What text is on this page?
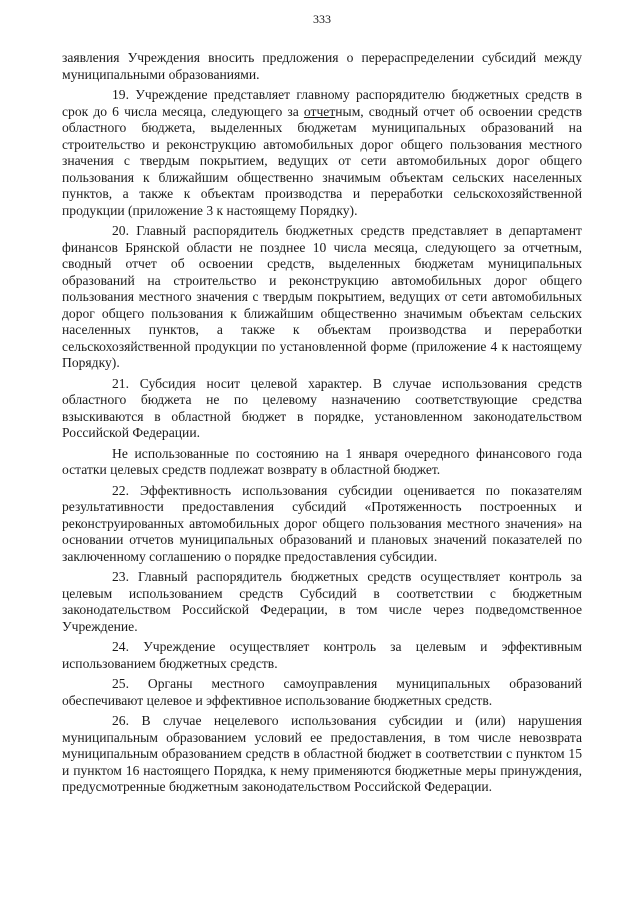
333

заявления Учреждения вносить предложения о перераспределении субсидий между муниципальными образованиями.

19. Учреждение представляет главному распорядителю бюджетных средств в срок до 6 числа месяца, следующего за отчетным, сводный отчет об освоении средств областного бюджета, выделенных бюджетам муниципальных образований на строительство и реконструкцию автомобильных дорог общего пользования местного значения с твердым покрытием, ведущих от сети автомобильных дорог общего пользования к ближайшим общественно значимым объектам сельских населенных пунктов, а также к объектам производства и переработки сельскохозяйственной продукции (приложение 3 к настоящему Порядку).

20. Главный распорядитель бюджетных средств представляет в департамент финансов Брянской области не позднее 10 числа месяца, следующего за отчетным, сводный отчет об освоении средств, выделенных бюджетам муниципальных образований на строительство и реконструкцию автомобильных дорог общего пользования местного значения с твердым покрытием, ведущих от сети автомобильных дорог общего пользования к ближайшим общественно значимым объектам сельских населенных пунктов, а также к объектам производства и переработки сельскохозяйственной продукции по установленной форме (приложение 4 к настоящему Порядку).

21. Субсидия носит целевой характер. В случае использования средств областного бюджета не по целевому назначению соответствующие средства взыскиваются в областной бюджет в порядке, установленном законодательством Российской Федерации.

Не использованные по состоянию на 1 января очередного финансового года остатки целевых средств подлежат возврату в областной бюджет.

22. Эффективность использования субсидии оценивается по показателям результативности предоставления субсидий «Протяженность построенных и реконструированных автомобильных дорог общего пользования местного значения» на основании отчетов муниципальных образований и плановых значений показателей по заключенному соглашению о порядке предоставления субсидии.

23. Главный распорядитель бюджетных средств осуществляет контроль за целевым использованием средств Субсидий в соответствии с бюджетным законодательством Российской Федерации, в том числе через подведомственное Учреждение.

24. Учреждение осуществляет контроль за целевым и эффективным использованием бюджетных средств.

25. Органы местного самоуправления муниципальных образований обеспечивают целевое и эффективное использование бюджетных средств.

26. В случае нецелевого использования субсидии и (или) нарушения муниципальным образованием условий ее предоставления, в том числе невозврата муниципальным образованием средств в областной бюджет в соответствии с пунктом 15 и пунктом 16 настоящего Порядка, к нему применяются бюджетные меры принуждения, предусмотренные бюджетным законодательством Российской Федерации.
